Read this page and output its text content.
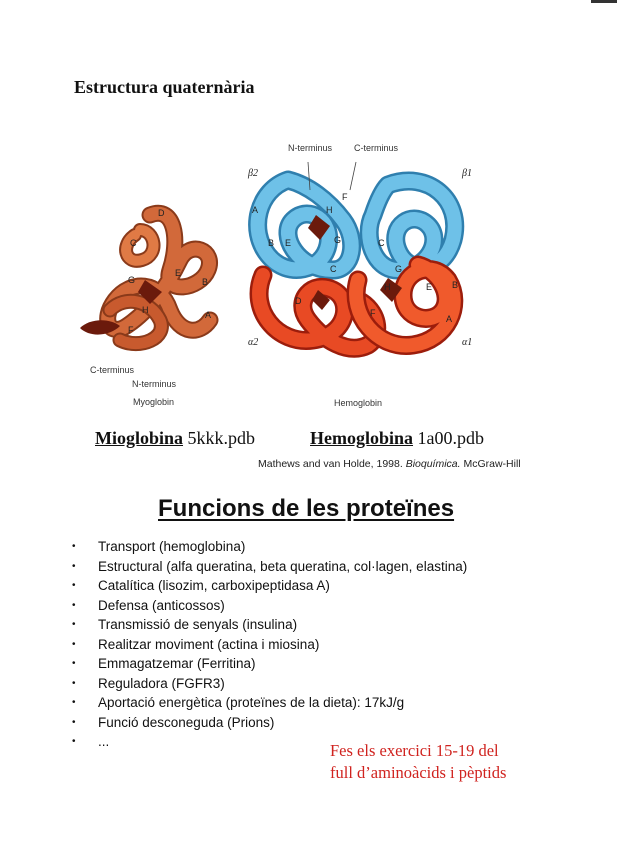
Estructura quaternària
D
C
G
E
B
H	A
F
A
B E
F
H
G
C
C
G
E B
H
F
A
D
N-terminus C-terminus
β2	β1
α2	α1
C-terminus
N-terminus
Myoglobin	Hemoglobin
Mioglobina 5kkk.pdb	Hemoglobina 1a00.pdb
Mathews and van Holde, 1998. Bioquímica. McGraw-Hill
Funcions de les proteïnes
• Transport (hemoglobina)
• Estructural (alfa queratina, beta queratina, col·lagen, elastina)
• Catalítica (lisozim, carboxipeptidasa A)
• Defensa (anticossos)
• Transmissió de senyals (insulina)
• Realitzar moviment (actina i miosina)
• Emmagatzemar (Ferritina)
• Reguladora (FGFR3)
• Aportació energètica (proteïnes de la dieta): 17kJ/g
• Funció desconeguda (Prions)
• ...	Fes els exercici 15-19 del
full d’aminoàcids i pèptids
